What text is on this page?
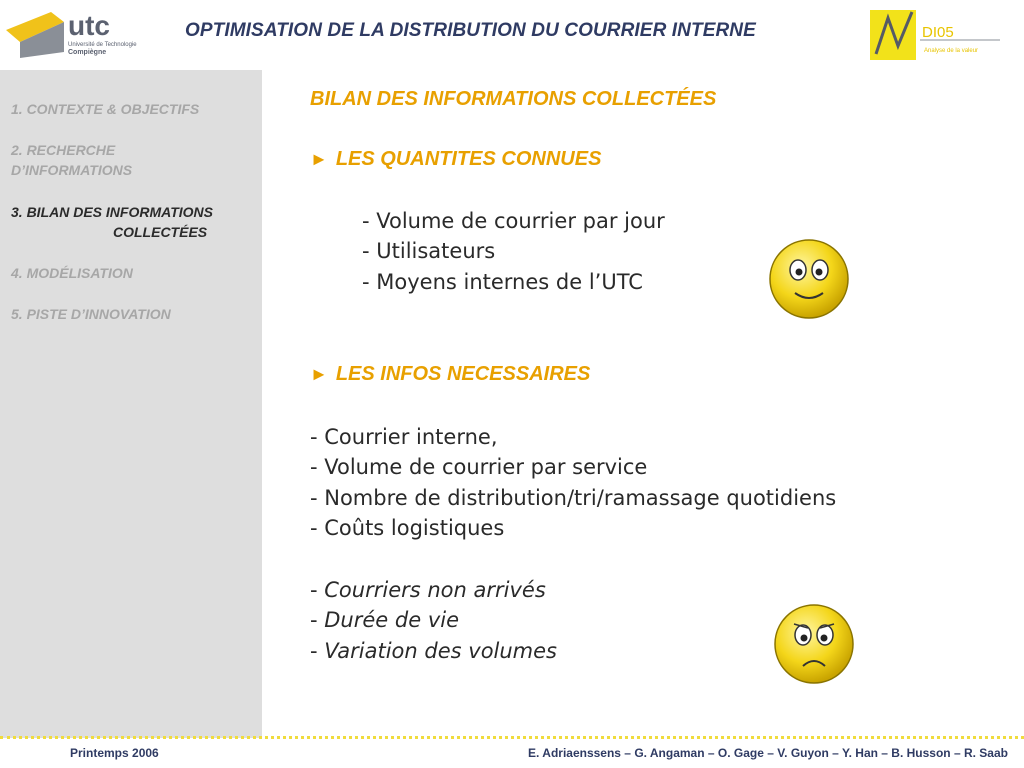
utc
Université de Technologie
Compiègne
OPTIMISATION DE LA DISTRIBUTION DU COURRIER INTERNE	DI05
Analyse de la valeur
1. CONTEXTE & OBJECTIFS
2. RECHERCHE
D’INFORMATIONS
3. BILAN DES INFORMATIONS
COLLECTÉES
4. MODÉLISATION
5. PISTE D’INNOVATION
BILAN DES INFORMATIONS COLLECTÉES
► LES QUANTITES CONNUES
- Volume de courrier par jour
- Utilisateurs
- Moyens internes de l’UTC
► LES INFOS NECESSAIRES
- Courrier interne,
- Volume de courrier par service
- Nombre de distribution/tri/ramassage quotidiens
- Coûts logistiques
- Courriers non arrivés
- Durée de vie
- Variation des volumes
Printemps 2006	E. Adriaenssens – G. Angaman – O. Gage – V. Guyon – Y. Han – B. Husson – R. Saab
